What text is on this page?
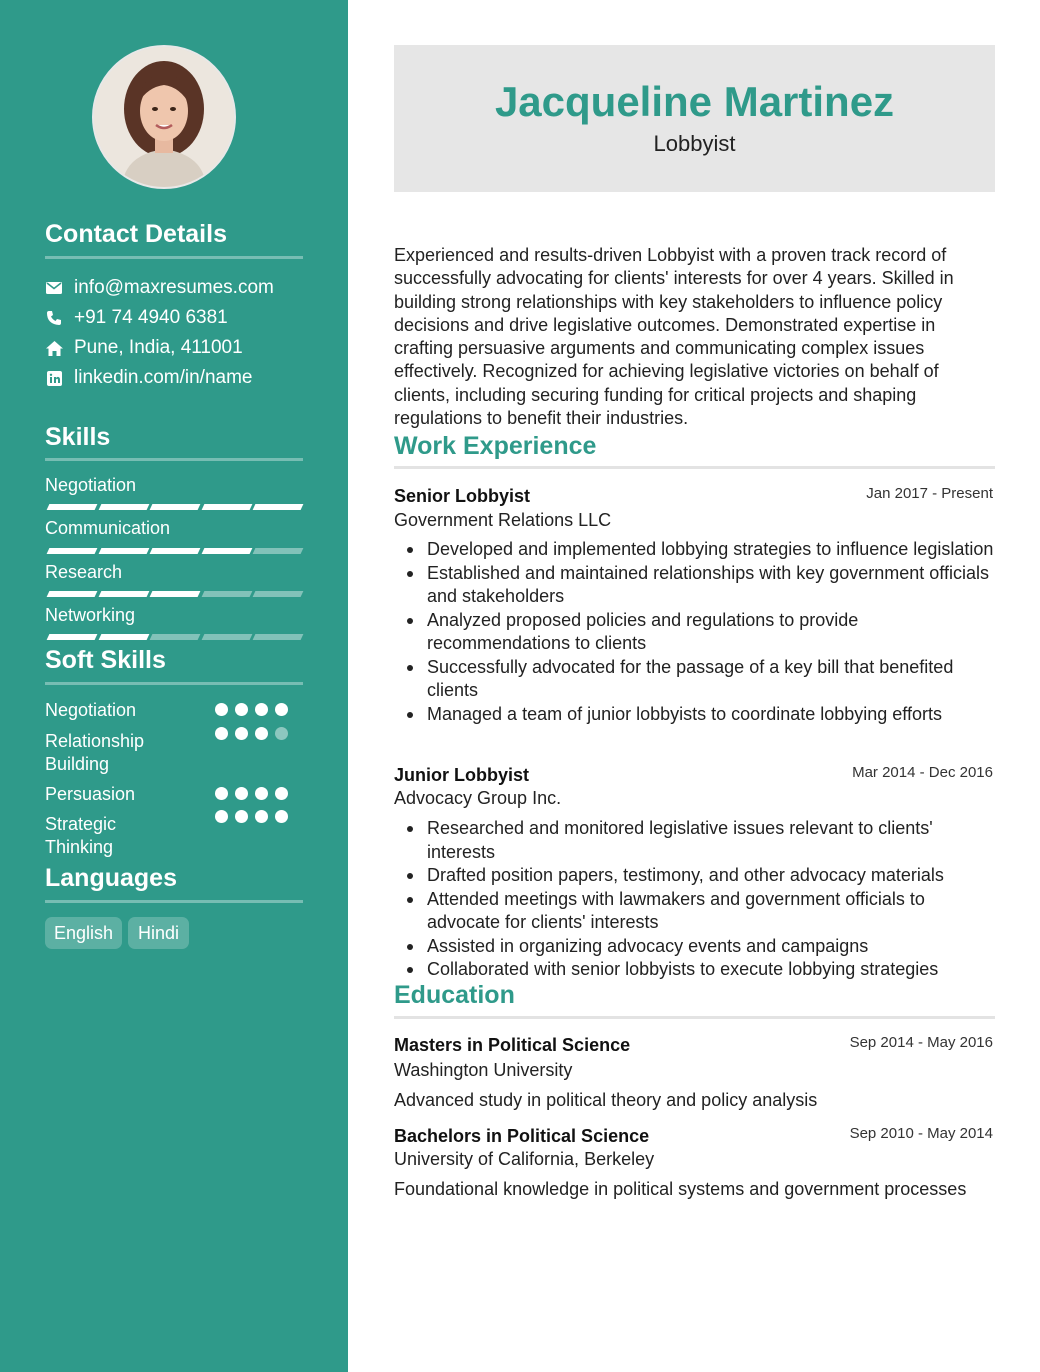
Contact Details
info@maxresumes.com
+91 74 4940 6381
Pune, India, 411001
linkedin.com/in/name
Skills
Negotiation
Communication
Research
Networking
Soft Skills
Negotiation
Relationship Building
Persuasion
Strategic Thinking
Languages
English	Hindi
Jacqueline Martinez
Lobbyist
Experienced and results-driven Lobbyist with a proven track record of successfully advocating for clients' interests for over 4 years. Skilled in building strong relationships with key stakeholders to influence policy decisions and drive legislative outcomes. Demonstrated expertise in crafting persuasive arguments and communicating complex issues effectively. Recognized for achieving legislative victories on behalf of clients, including securing funding for critical projects and shaping regulations to benefit their industries.
Work Experience
Senior Lobbyist	Jan 2017 - Present
Government Relations LLC
Developed and implemented lobbying strategies to influence legislation
Established and maintained relationships with key government officials and stakeholders
Analyzed proposed policies and regulations to provide recommendations to clients
Successfully advocated for the passage of a key bill that benefited clients
Managed a team of junior lobbyists to coordinate lobbying efforts
Junior Lobbyist	Mar 2014 - Dec 2016
Advocacy Group Inc.
Researched and monitored legislative issues relevant to clients' interests
Drafted position papers, testimony, and other advocacy materials
Attended meetings with lawmakers and government officials to advocate for clients' interests
Assisted in organizing advocacy events and campaigns
Collaborated with senior lobbyists to execute lobbying strategies
Education
Masters in Political Science	Sep 2014 - May 2016
Washington University
Advanced study in political theory and policy analysis
Bachelors in Political Science	Sep 2010 - May 2014
University of California, Berkeley
Foundational knowledge in political systems and government processes
